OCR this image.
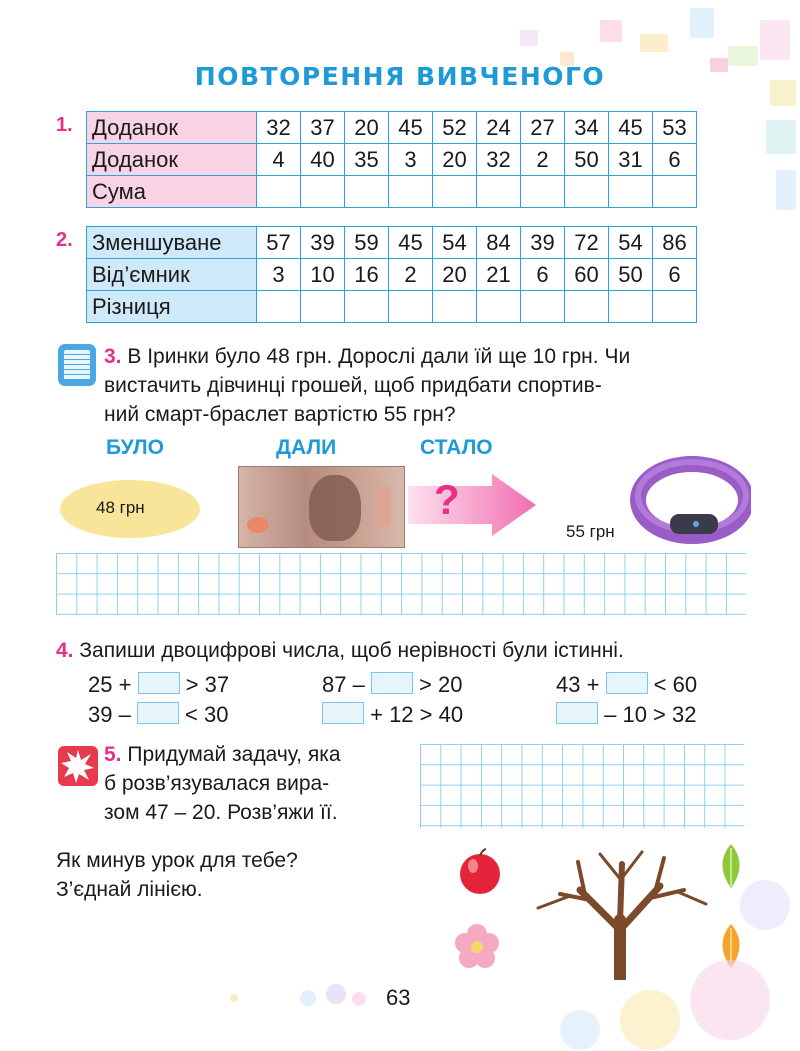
ПОВТОРЕННЯ ВИВЧЕНОГО
1. Доданок	32	37	20	45	52	24	27	34	45	53
Доданок	4	40	35	3	20	32	2	50	31	6
Сума										
2. Зменшуване	57	39	59	45	54	84	39	72	54	86
Від’ємник	3	10	16	2	20	21	6	60	50	6
Різниця										
3. В Іринки було 48 грн. Дорослі дали їй ще 10 грн. Чи
вистачить дівчинці грошей, щоб придбати спортив-
ний смарт-браслет вартістю 55 грн?
БУЛО	ДАЛИ	СТАЛО
48 грн	?
55 грн
4. Запиши двоцифрові числа, щоб нерівності були істинні.
25 +  > 37	87 –  > 20	43 +  < 60
39 –  < 30	+ 12 > 40	– 10 > 32
5. Придумай задачу, яка
б розв’язувалася вира-
зом 47 – 20. Розв’яжи її.
Як минув урок для тебе?
З’єднай лінією.
63
